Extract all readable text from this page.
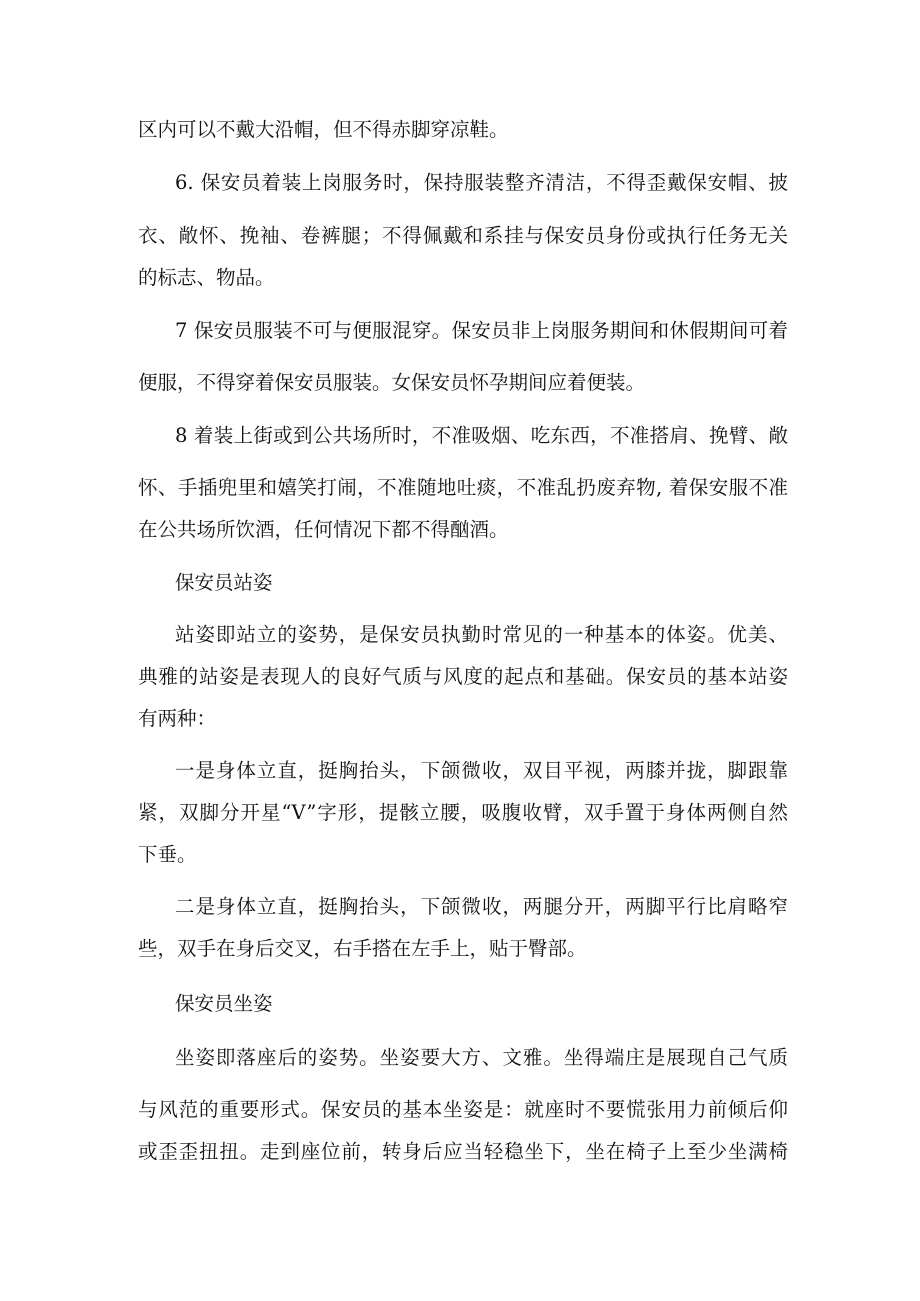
区内可以不戴大沿帽，但不得赤脚穿凉鞋。
6. 保安员着装上岗服务时，保持服装整齐清洁，不得歪戴保安帽、披
衣、敞怀、挽袖、卷裤腿；不得佩戴和系挂与保安员身份或执行任务无关
的标志、物品。
7 保安员服装不可与便服混穿。保安员非上岗服务期间和休假期间可着
便服，不得穿着保安员服装。女保安员怀孕期间应着便装。
8 着装上街或到公共场所时，不准吸烟、吃东西，不准搭肩、挽臂、敞
怀、手插兜里和嬉笑打闹，不准随地吐痰，不准乱扔废弃物, 着保安服不准
在公共场所饮酒，任何情况下都不得酗酒。
保安员站姿
站姿即站立的姿势，是保安员执勤时常见的一种基本的体姿。优美、
典雅的站姿是表现人的良好气质与风度的起点和基础。保安员的基本站姿
有两种：
一是身体立直，挺胸抬头，下颌微收，双目平视，两膝并拢，脚跟靠
紧，双脚分开星“V”字形，提骸立腰，吸腹收臂，双手置于身体两侧自然
下垂。
二是身体立直，挺胸抬头，下颌微收，两腿分开，两脚平行比肩略窄
些，双手在身后交叉，右手搭在左手上，贴于臀部。
保安员坐姿
坐姿即落座后的姿势。坐姿要大方、文雅。坐得端庄是展现自己气质
与风范的重要形式。保安员的基本坐姿是：就座时不要慌张用力前倾后仰
或歪歪扭扭。走到座位前，转身后应当轻稳坐下，坐在椅子上至少坐满椅
